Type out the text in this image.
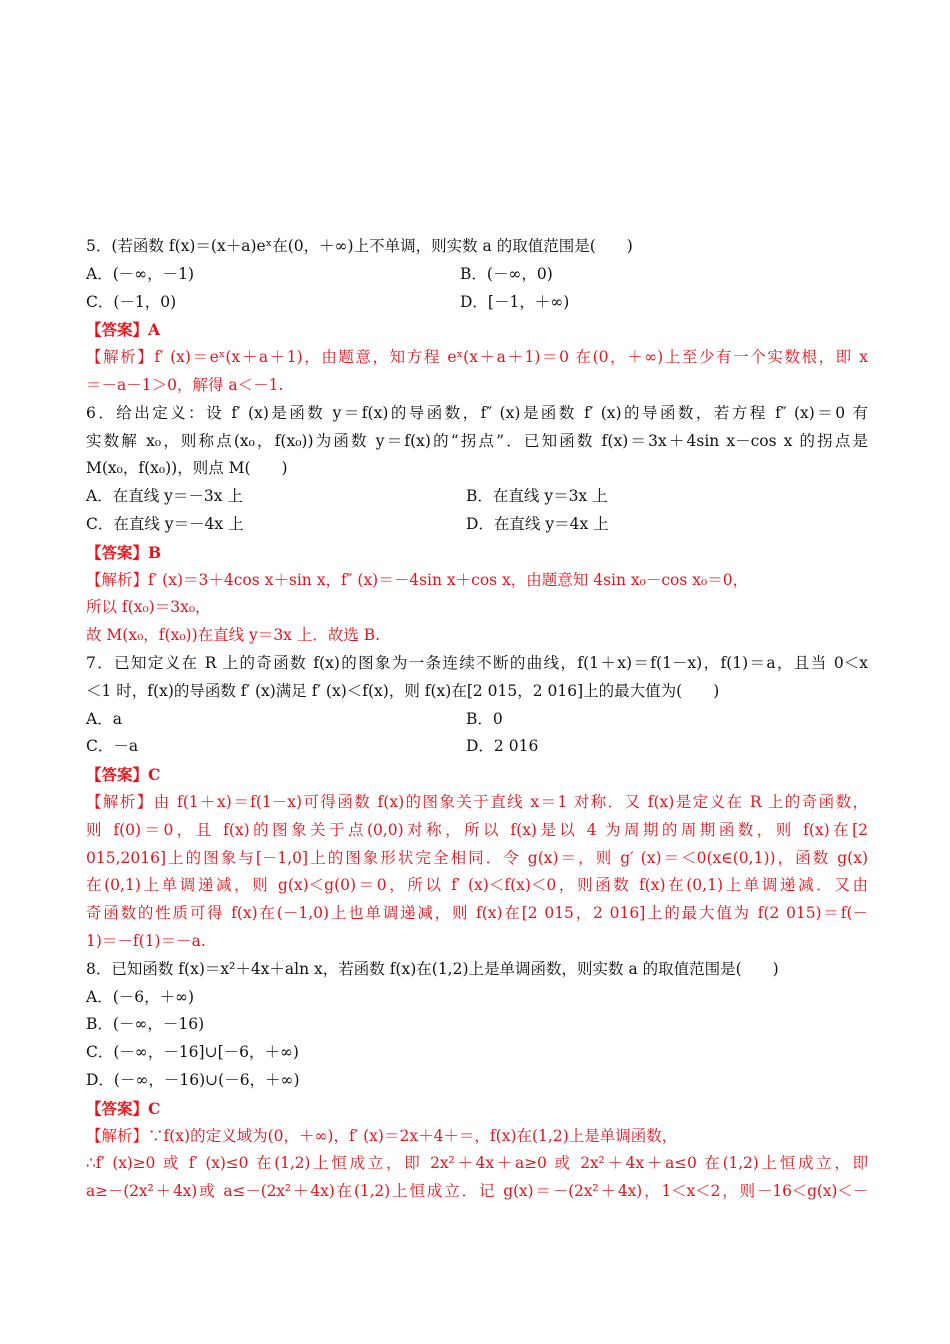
5．(若函数 f(x)＝(x＋a)eˣ在(0，＋∞)上不单调，则实数 a 的取值范围是(　　)
A．(－∞，－1)	B．(－∞，0)
C．(－1，0)	D．[－1，＋∞)
【答案】A
【解析】f′ (x)＝eˣ(x＋a＋1)，由题意，知方程 eˣ(x＋a＋1)＝0 在(0，＋∞)上至少有一个实数根，即 x
＝－a－1＞0，解得 a＜－1.
6．给出定义：设 f′ (x)是函数 y＝f(x)的导函数，f″ (x)是函数 f′ (x)的导函数，若方程 f″ (x)＝0 有
实数解 x₀，则称点(x₀，f(x₀))为函数 y＝f(x)的“拐点”．已知函数 f(x)＝3x＋4sin x－cos x 的拐点是
M(x₀，f(x₀))，则点 M(　　)
A．在直线 y＝－3x 上	B．在直线 y＝3x 上
C．在直线 y＝－4x 上	D．在直线 y＝4x 上
【答案】B
【解析】f′ (x)＝3＋4cos x＋sin x，f″ (x)＝－4sin x＋cos x，由题意知 4sin x₀－cos x₀＝0，
所以 f(x₀)＝3x₀，
故 M(x₀，f(x₀))在直线 y＝3x 上．故选 B.
7．已知定义在 R 上的奇函数 f(x)的图象为一条连续不断的曲线，f(1＋x)＝f(1－x)，f(1)＝a，且当 0＜x
＜1 时，f(x)的导函数 f′ (x)满足 f′ (x)＜f(x)，则 f(x)在[2 015，2 016]上的最大值为(　　)
A．a	B．0
C．－a	D．2 016
【答案】C
【解析】由 f(1＋x)＝f(1－x)可得函数 f(x)的图象关于直线 x＝1 对称．又 f(x)是定义在 R 上的奇函数，
则 f(0)＝0，且 f(x)的图象关于点(0,0)对称，所以 f(x)是以 4 为周期的周期函数，则 f(x)在[2
015,2016]上的图象与[－1,0]上的图象形状完全相同．令 g(x)＝，则 g′ (x)＝＜0(x∈(0,1))，函数 g(x)
在(0,1)上单调递减，则 g(x)＜g(0)＝0，所以 f′ (x)＜f(x)＜0，则函数 f(x)在(0,1)上单调递减．又由
奇函数的性质可得 f(x)在(－1,0)上也单调递减，则 f(x)在[2 015，2 016]上的最大值为 f(2 015)＝f(－
1)＝－f(1)＝－a.
8．已知函数 f(x)＝x²＋4x＋aln x，若函数 f(x)在(1,2)上是单调函数，则实数 a 的取值范围是(　　)
A．(－6，＋∞)
B．(－∞，－16)
C．(－∞，－16]∪[－6，＋∞)
D．(－∞，－16)∪(－6，＋∞)
【答案】C
【解析】∵f(x)的定义域为(0，＋∞)，f′ (x)＝2x＋4＋＝，f(x)在(1,2)上是单调函数，
∴f′ (x)≥0 或 f′ (x)≤0 在(1,2)上恒成立，即 2x²＋4x＋a≥0 或 2x²＋4x＋a≤0 在(1,2)上恒成立，即
a≥－(2x²＋4x)或 a≤－(2x²＋4x)在(1,2)上恒成立．记 g(x)＝－(2x²＋4x)，1＜x＜2，则－16＜g(x)＜－
